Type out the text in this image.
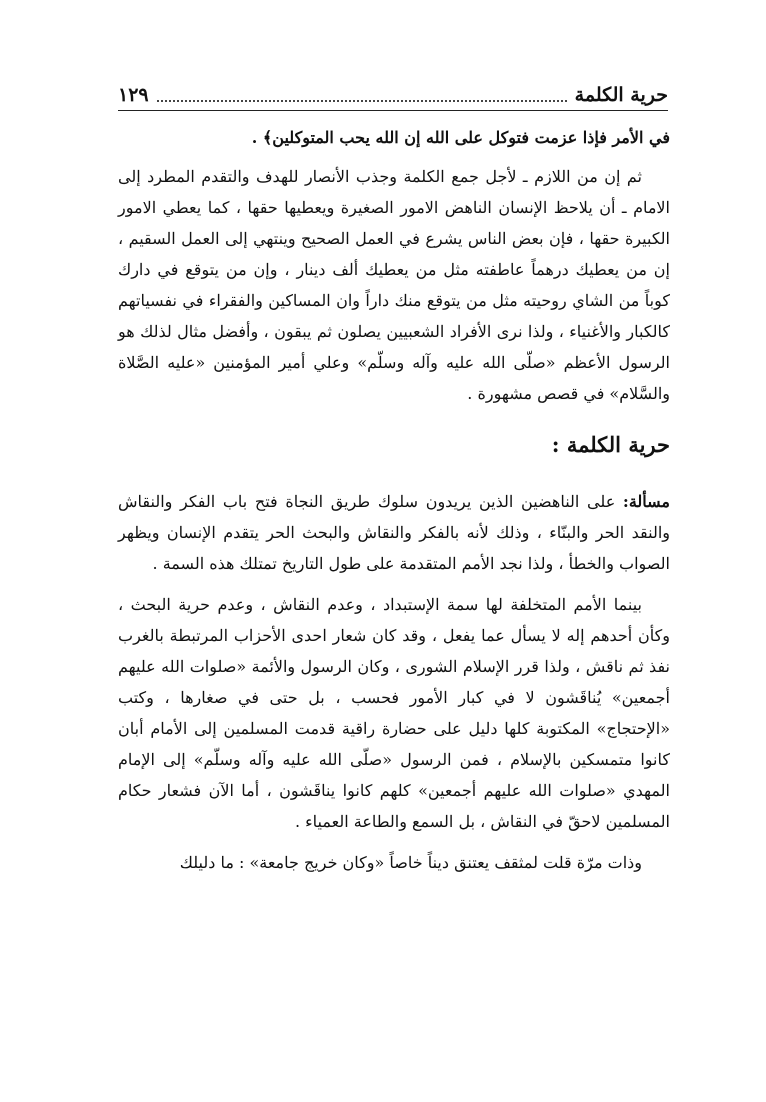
حرية الكلمة
١٢٩

في الأمر فإذا عزمت فتوكل على الله إن الله يحب المتوكلين﴾ .

ثم إن من اللازم ـ لأجل جمع الكلمة وجذب الأنصار للهدف والتقدم المطرد إلى الامام ـ أن يلاحظ الإنسان الناهض الامور الصغيرة ويعطيها حقها ، كما يعطي الامور الكبيرة حقها ، فإن بعض الناس يشرع في العمل الصحيح وينتهي إلى العمل السقيم ، إن من يعطيك درهماً عاطفته مثل من يعطيك ألف دينار ، وإن من يتوقع في دارك كوباً من الشاي روحيته مثل من يتوقع منك داراً وان المساكين والفقراء في نفسياتهم كالكبار والأغنياء ، ولذا نرى الأفراد الشعبيين يصلون ثم يبقون ، وأفضل مثال لذلك هو الرسول الأعظم «صلّى الله عليه وآله وسلّم» وعلي أمير المؤمنين «عليه الصَّلاة والسَّلام» في قصص مشهورة .

حرية الكلمة :

مسألة: على الناهضين الذين يريدون سلوك طريق النجاة فتح باب الفكر والنقاش والنقد الحر والبنّاء ، وذلك لأنه بالفكر والنقاش والبحث الحر يتقدم الإنسان ويظهر الصواب والخطأ ، ولذا نجد الأمم المتقدمة على طول التاريخ تمتلك هذه السمة .

بينما الأمم المتخلفة لها سمة الإستبداد ، وعدم النقاش ، وعدم حرية البحث ، وكأن أحدهم إله لا يسأل عما يفعل ، وقد كان شعار احدى الأحزاب المرتبطة بالغرب نفذ ثم ناقش ، ولذا قرر الإسلام الشورى ، وكان الرسول والأئمة «صلوات الله عليهم أجمعين» يُناقَشون لا في كبار الأمور فحسب ، بل حتى في صغارها ، وكتب «الإحتجاج» المكتوبة كلها دليل على حضارة راقية قدمت المسلمين إلى الأمام أبان كانوا متمسكين بالإسلام ، فمن الرسول «صلّى الله عليه وآله وسلّم» إلى الإمام المهدي «صلوات الله عليهم أجمعين» كلهم كانوا يناقَشون ، أما الآن فشعار حكام المسلمين لاحقّ في النقاش ، بل السمع والطاعة العمياء .

وذات مرّة قلت لمثقف يعتنق ديناً خاصاً «وكان خريج جامعة» : ما دليلك
